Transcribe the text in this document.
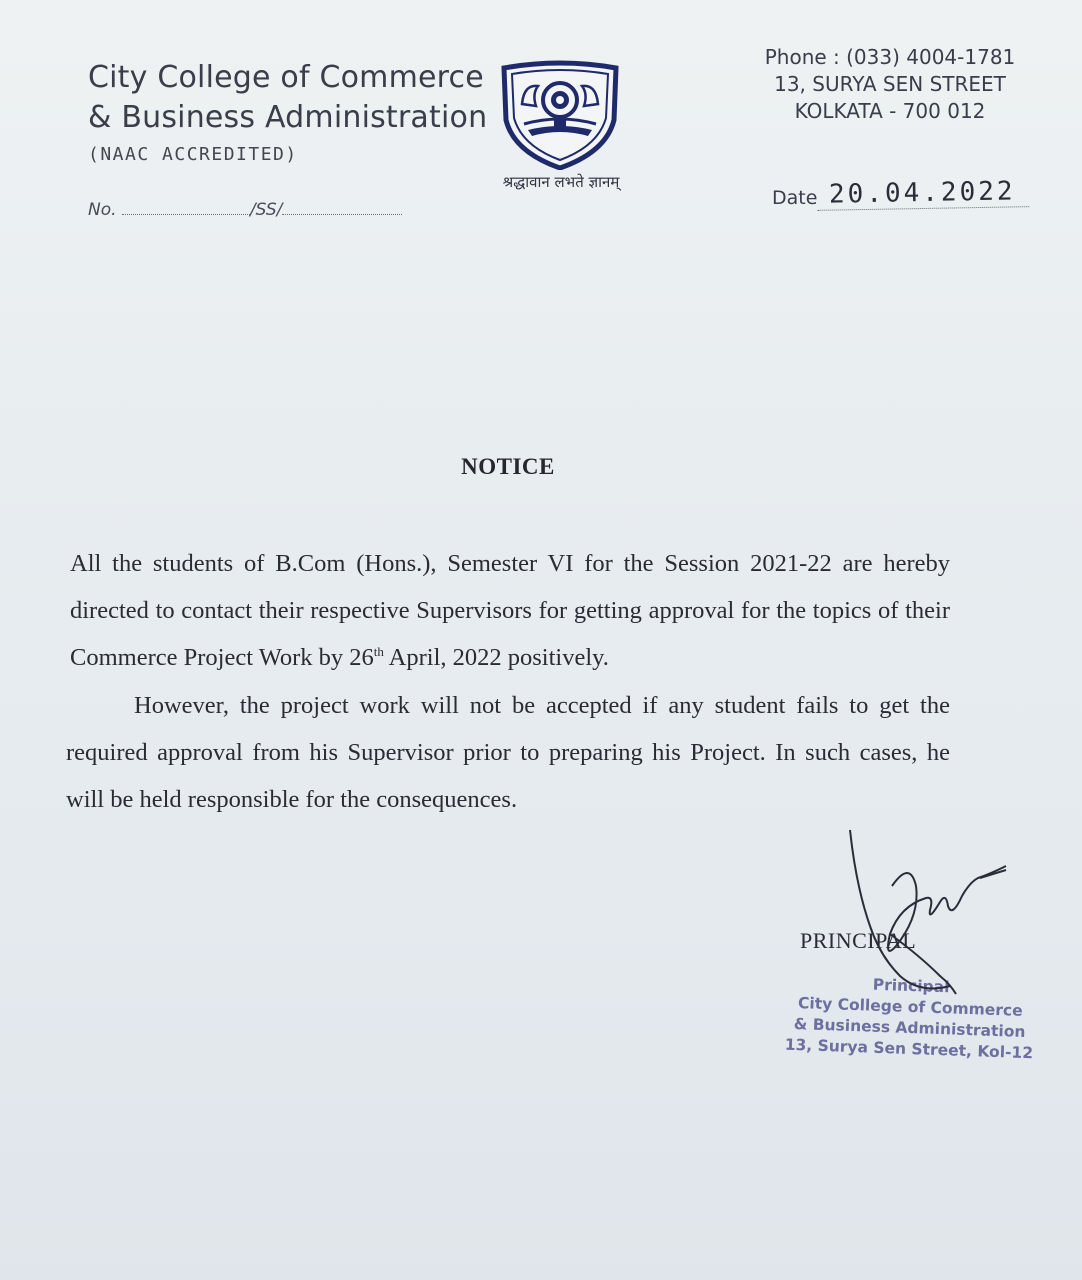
City College of Commerce
& Business Administration
(NAAC ACCREDITED)
No.	/SS/
श्रद्धावान लभते ज्ञानम्
Phone : (033) 4004-1781
13, SURYA SEN STREET
KOLKATA - 700 012
Date 20.04.2022
NOTICE
All the students of B.Com (Hons.), Semester VI for the Session 2021-22 are hereby directed to contact their respective Supervisors for getting approval for the topics of their Commerce Project Work by 26th April, 2022 positively.
However, the project work will not be accepted if any student fails to get the required approval from his Supervisor prior to preparing his Project. In such cases, he will be held responsible for the consequences.
PRINCIPAL
Principal
City College of Commerce
& Business Administration
13, Surya Sen Street, Kol-12
